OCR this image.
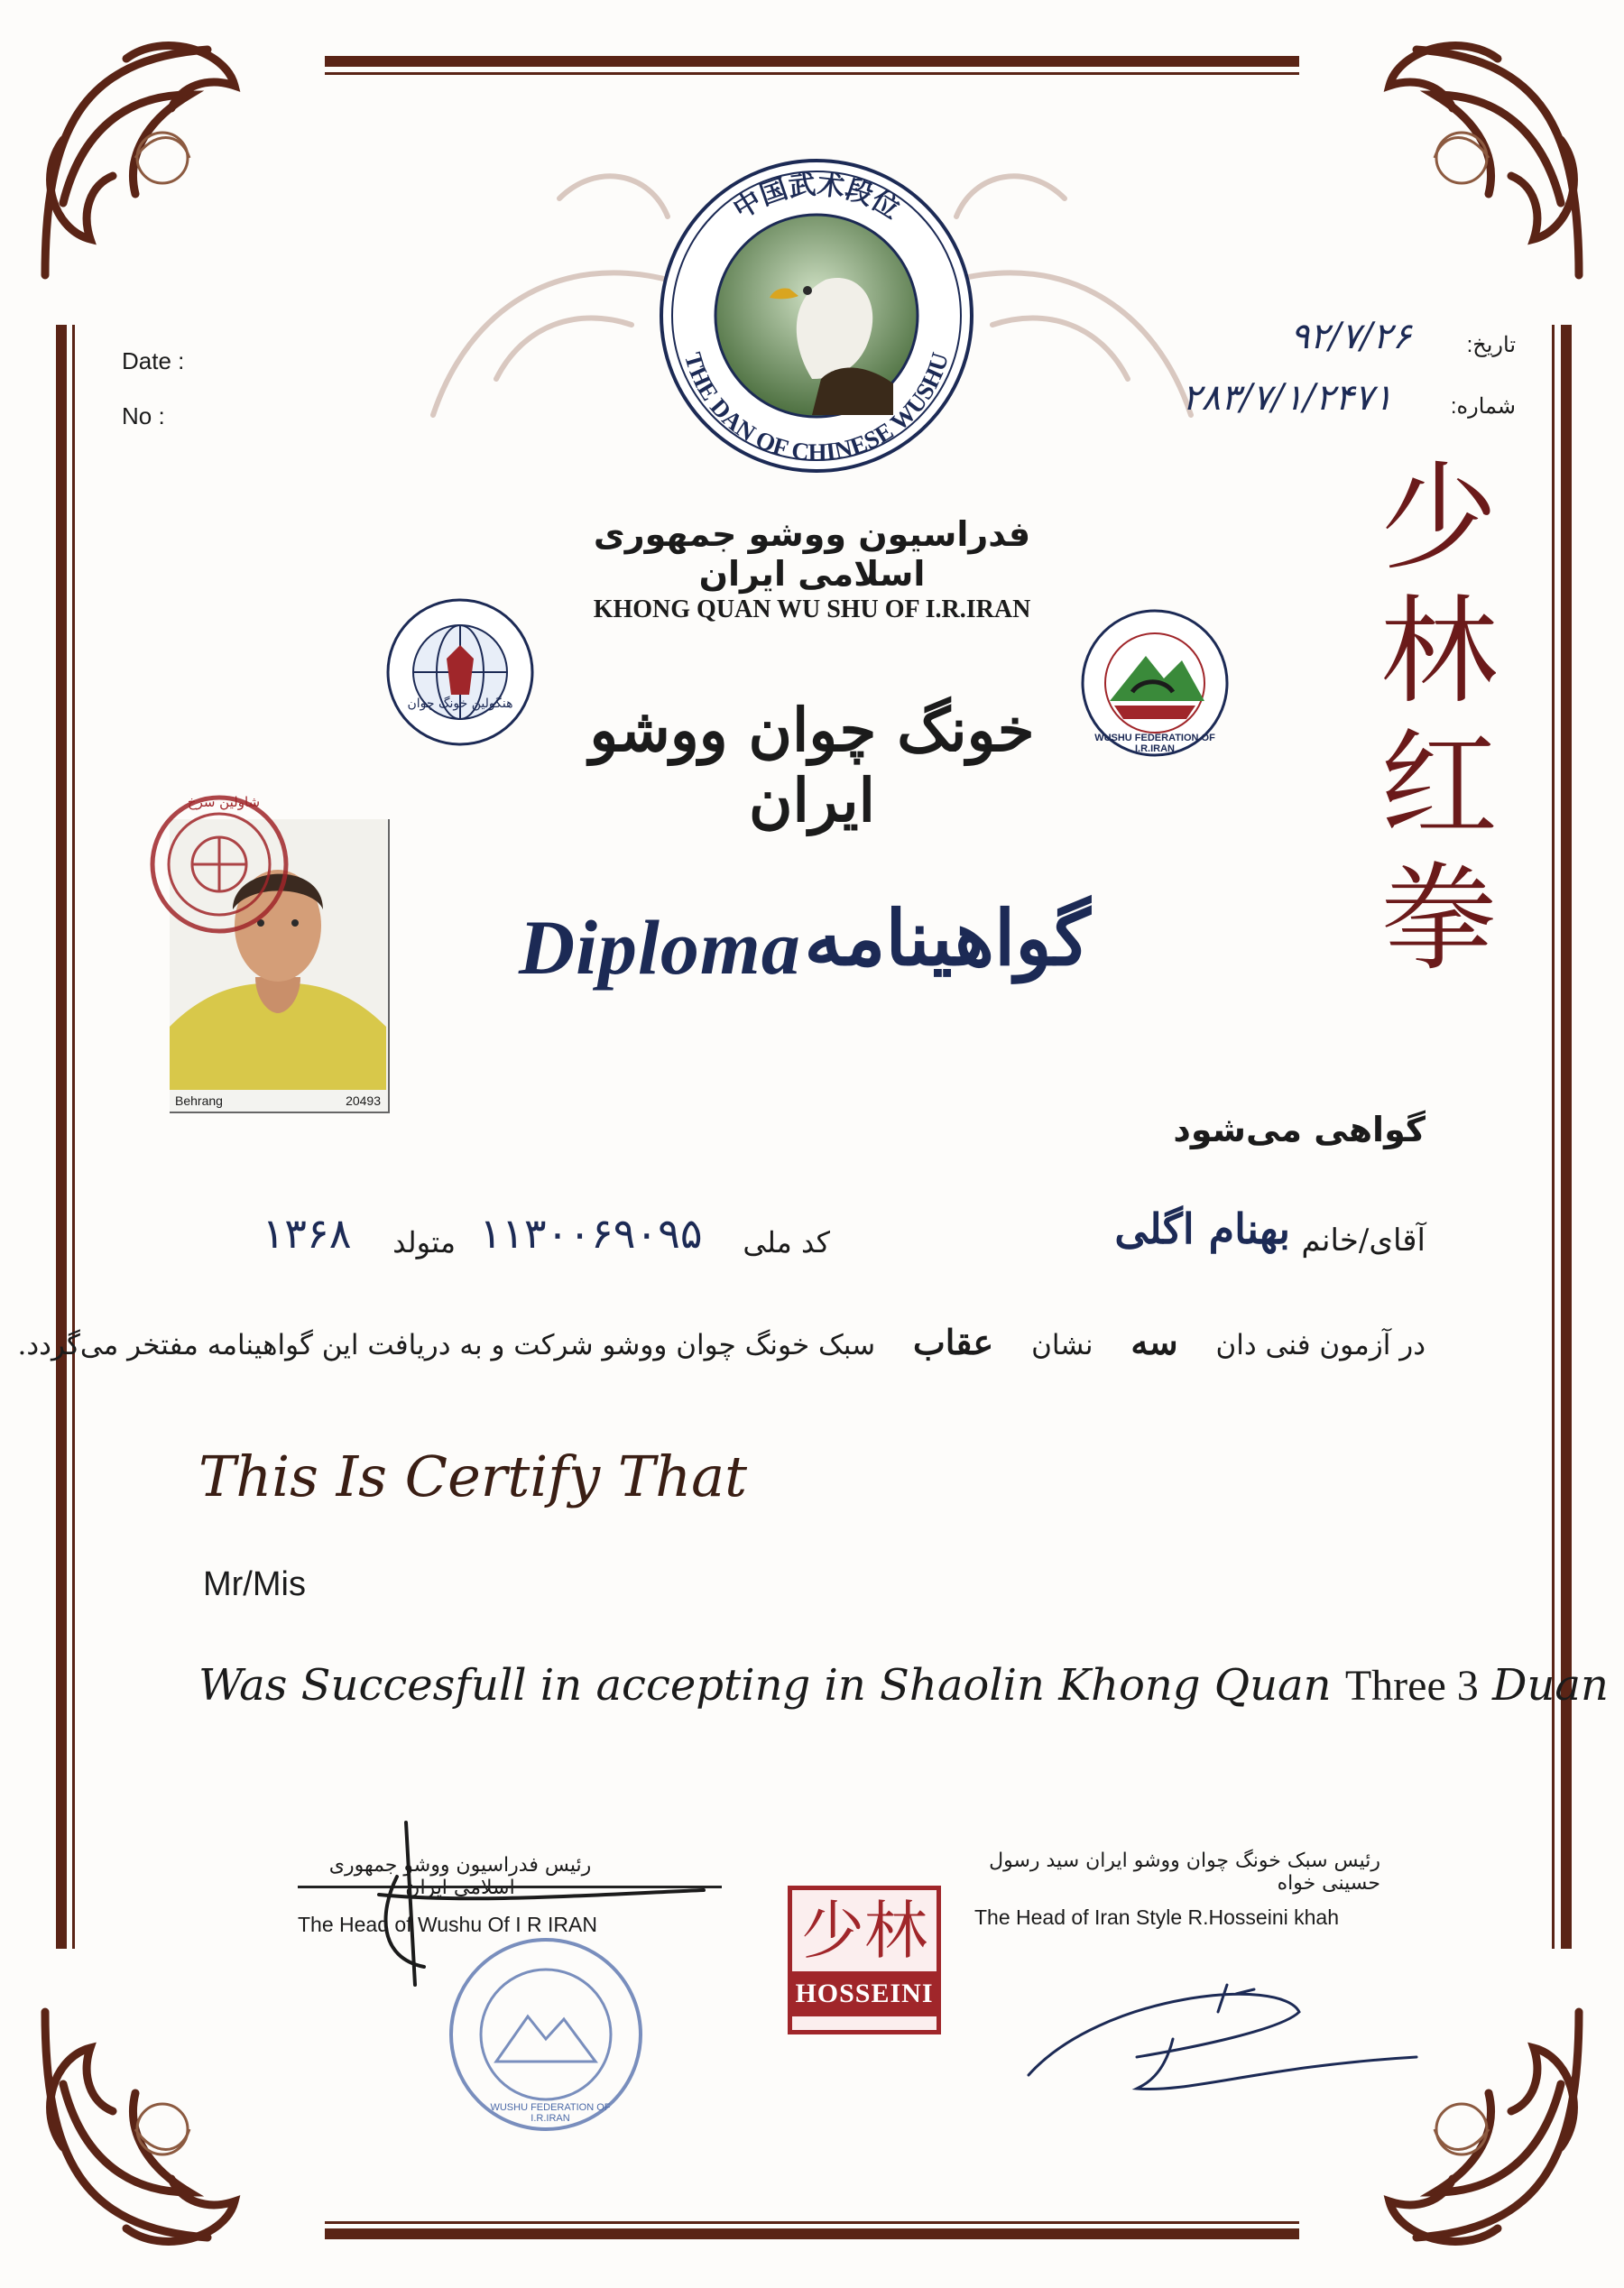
Date :
No :
تاریخ:
شماره:
۹۲/۷/۲۶
۲۸۳/۷/۱/۲۴۷۱
中国武术段位
THE DAN OF CHINESE WUSHU
فدراسیون ووشو جمهوری اسلامی ایران
KHONG QUAN WU SHU OF I.R.IRAN
هنگولین خونگ چوان
WUSHU FEDERATION OF I.R.IRAN
خونگ چوان ووشو ایران
Diploma گواهینامه
少
林
红
拳
شاولین سرخ
Behrang	20493
گواهی می‌شود
آقای/خانم
بهنام اگلی
کد ملی
۱۱۳۰۰۶۹۰۹۵
متولد
۱۳۶۸
در آزمون فنی دان سه نشان عقاب سبک خونگ چوان ووشو شرکت و به دریافت این گواهینامه مفتخر می‌گردد.
This Is Certify That
Mr/Mis
Was Succesfull in accepting in Shaolin Khong Quan Three 3 Duan
رئیس فدراسیون ووشو جمهوری
The Head of Wushu Of I R IRAN
WUSHU FEDERATION OF I.R.IRAN
少林
HOSSEINI
رئیس سبک خونگ چوان ووشو ایران سید رسول حسینی خواه
The Head of Iran Style R.Hosseini khah
